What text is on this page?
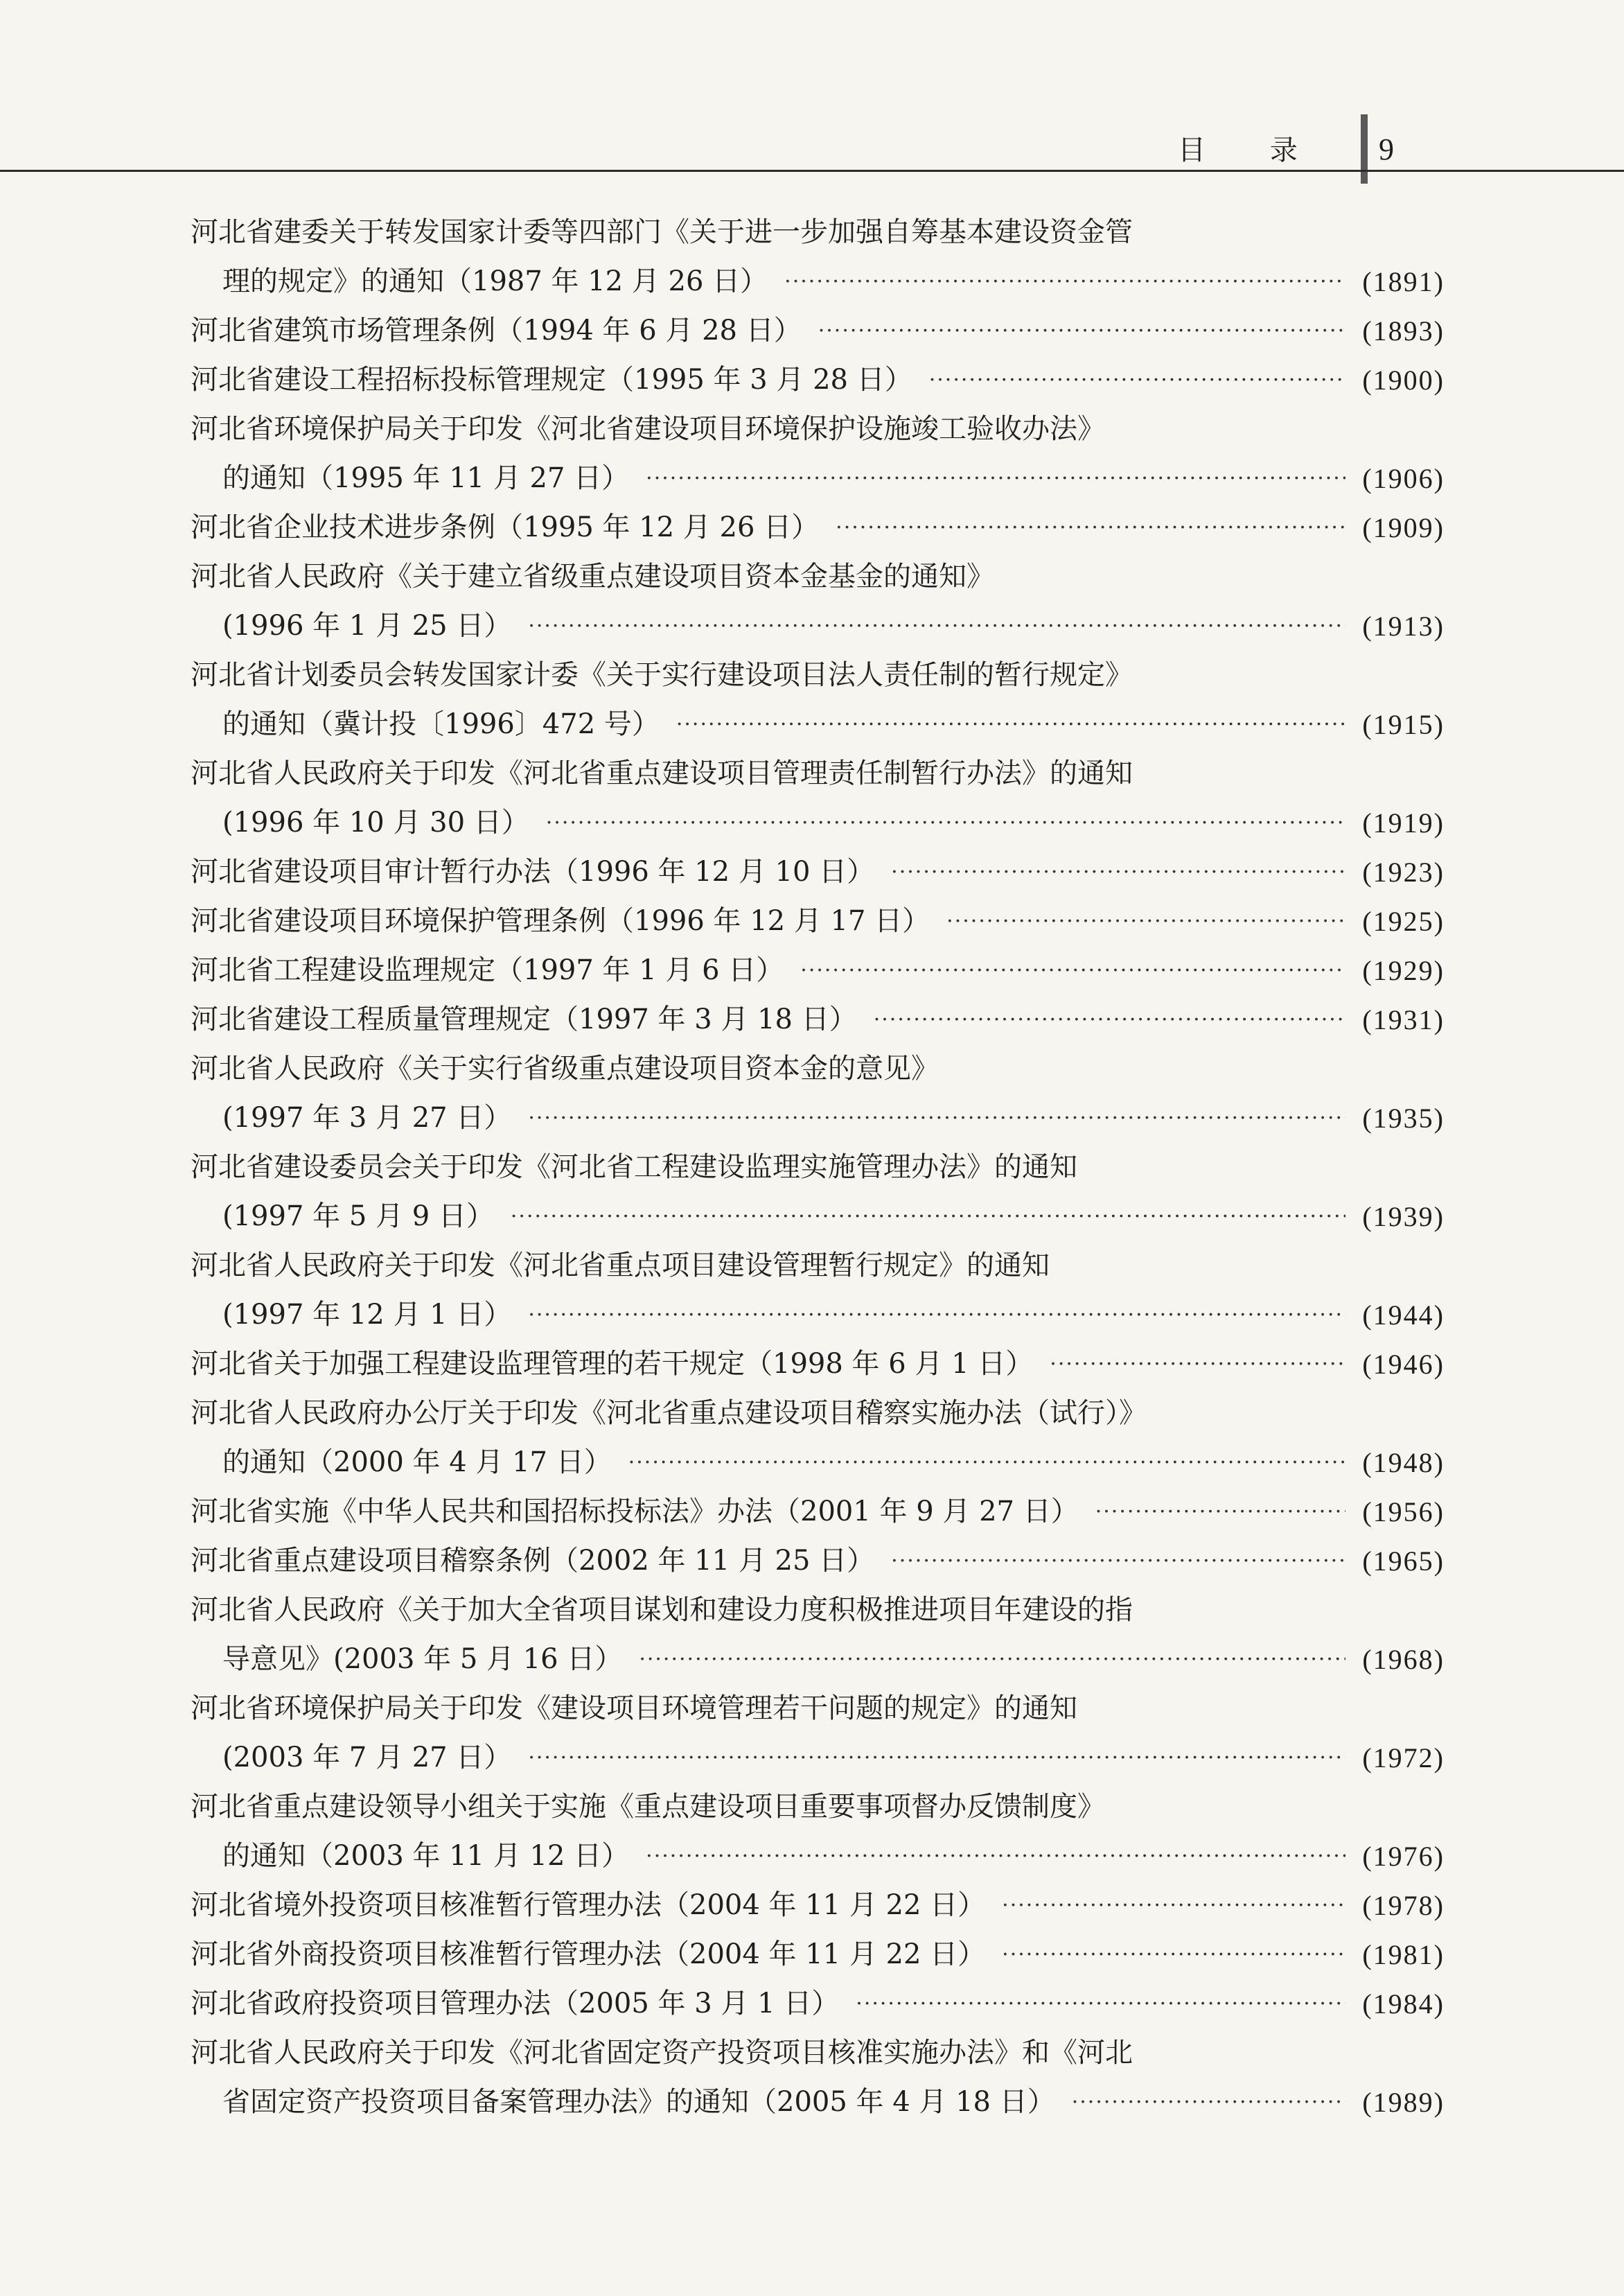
目 录 9
河北省建委关于转发国家计委等四部门《关于进一步加强自筹基本建设资金管
理的规定》的通知（1987 年 12 月 26 日） ·····	(1891)
河北省建筑市场管理条例（1994 年 6 月 28 日） ·····	(1893)
河北省建设工程招标投标管理规定（1995 年 3 月 28 日） ·····	(1900)
河北省环境保护局关于印发《河北省建设项目环境保护设施竣工验收办法》
的通知（1995 年 11 月 27 日） ·····	(1906)
河北省企业技术进步条例（1995 年 12 月 26 日） ·····	(1909)
河北省人民政府《关于建立省级重点建设项目资本金基金的通知》
(1996 年 1 月 25 日） ·····	(1913)
河北省计划委员会转发国家计委《关于实行建设项目法人责任制的暂行规定》
的通知（冀计投〔1996〕472 号） ·····	(1915)
河北省人民政府关于印发《河北省重点建设项目管理责任制暂行办法》的通知
(1996 年 10 月 30 日） ·····	(1919)
河北省建设项目审计暂行办法（1996 年 12 月 10 日） ·····	(1923)
河北省建设项目环境保护管理条例（1996 年 12 月 17 日） ·····	(1925)
河北省工程建设监理规定（1997 年 1 月 6 日） ·····	(1929)
河北省建设工程质量管理规定（1997 年 3 月 18 日） ·····	(1931)
河北省人民政府《关于实行省级重点建设项目资本金的意见》
(1997 年 3 月 27 日） ·····	(1935)
河北省建设委员会关于印发《河北省工程建设监理实施管理办法》的通知
(1997 年 5 月 9 日） ·····	(1939)
河北省人民政府关于印发《河北省重点项目建设管理暂行规定》的通知
(1997 年 12 月 1 日） ·····	(1944)
河北省关于加强工程建设监理管理的若干规定（1998 年 6 月 1 日） ·····	(1946)
河北省人民政府办公厅关于印发《河北省重点建设项目稽察实施办法（试行）》
的通知（2000 年 4 月 17 日） ·····	(1948)
河北省实施《中华人民共和国招标投标法》办法（2001 年 9 月 27 日） ·····	(1956)
河北省重点建设项目稽察条例（2002 年 11 月 25 日） ·····	(1965)
河北省人民政府《关于加大全省项目谋划和建设力度积极推进项目年建设的指
导意见》(2003 年 5 月 16 日） ·····	(1968)
河北省环境保护局关于印发《建设项目环境管理若干问题的规定》的通知
(2003 年 7 月 27 日） ·····	(1972)
河北省重点建设领导小组关于实施《重点建设项目重要事项督办反馈制度》
的通知（2003 年 11 月 12 日） ·····	(1976)
河北省境外投资项目核准暂行管理办法（2004 年 11 月 22 日） ·····	(1978)
河北省外商投资项目核准暂行管理办法（2004 年 11 月 22 日） ·····	(1981)
河北省政府投资项目管理办法（2005 年 3 月 1 日） ·····	(1984)
河北省人民政府关于印发《河北省固定资产投资项目核准实施办法》和《河北
省固定资产投资项目备案管理办法》的通知（2005 年 4 月 18 日） ·····	(1989)
